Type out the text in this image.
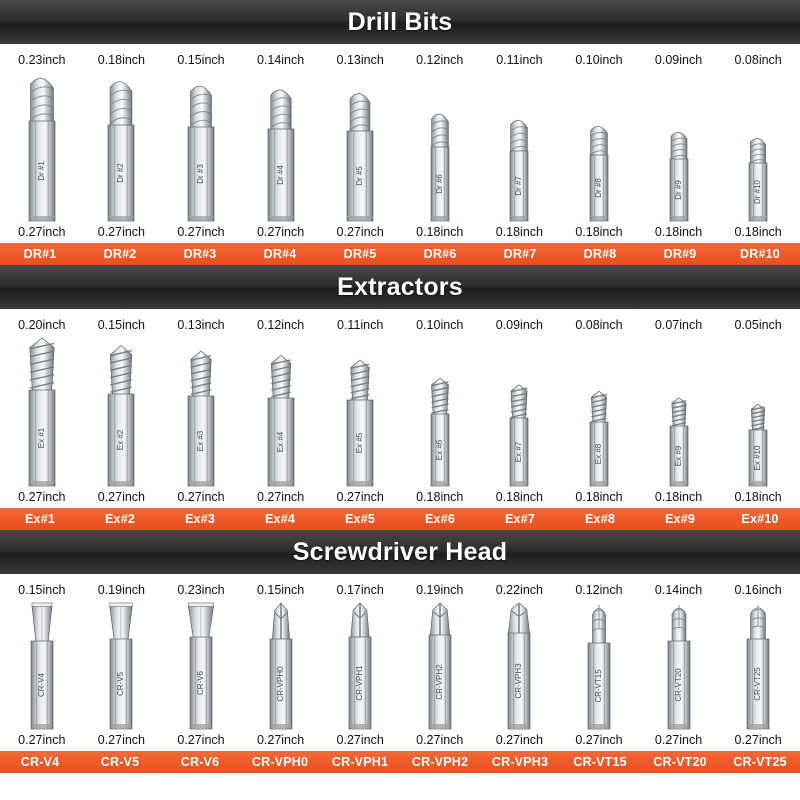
Drill Bits
0.23inch	0.18inch	0.15inch	0.14inch	0.13inch	0.12inch	0.11inch	0.10inch	0.09inch	0.08inch
Dr #1	Dr #2	Dr #3	Dr #4	Dr #5	Dr #6	Dr #7	Dr #8	Dr #9	Dr #10
0.27inch	0.27inch	0.27inch	0.27inch	0.27inch	0.18inch	0.18inch	0.18inch	0.18inch	0.18inch
DR#1	DR#2	DR#3	DR#4	DR#5	DR#6	DR#7	DR#8	DR#9	DR#10
Extractors
0.20inch	0.15inch	0.13inch	0.12inch	0.11inch	0.10inch	0.09inch	0.08inch	0.07inch	0.05inch
Ex #1	Ex #2	Ex #3	Ex #4	Ex #5	Ex #6	Ex #7	Ex #8	Ex #9	Ex #10
0.27inch	0.27inch	0.27inch	0.27inch	0.27inch	0.18inch	0.18inch	0.18inch	0.18inch	0.18inch
Ex#1	Ex#2	Ex#3	Ex#4	Ex#5	Ex#6	Ex#7	Ex#8	Ex#9	Ex#10
Screwdriver Head
0.15inch	0.19inch	0.23inch	0.15inch	0.17inch	0.19inch	0.22inch	0.12inch	0.14inch	0.16inch
CR-V4	CR-V5	CR-V6	CR-VPH0	CR-VPH1	CR-VPH2	CR-VPH3	CR-VT15	CR-VT20	CR-VT25
0.27inch	0.27inch	0.27inch	0.27inch	0.27inch	0.27inch	0.27inch	0.27inch	0.27inch	0.27inch
CR-V4	CR-V5	CR-V6	CR-VPH0	CR-VPH1	CR-VPH2	CR-VPH3	CR-VT15	CR-VT20	CR-VT25
